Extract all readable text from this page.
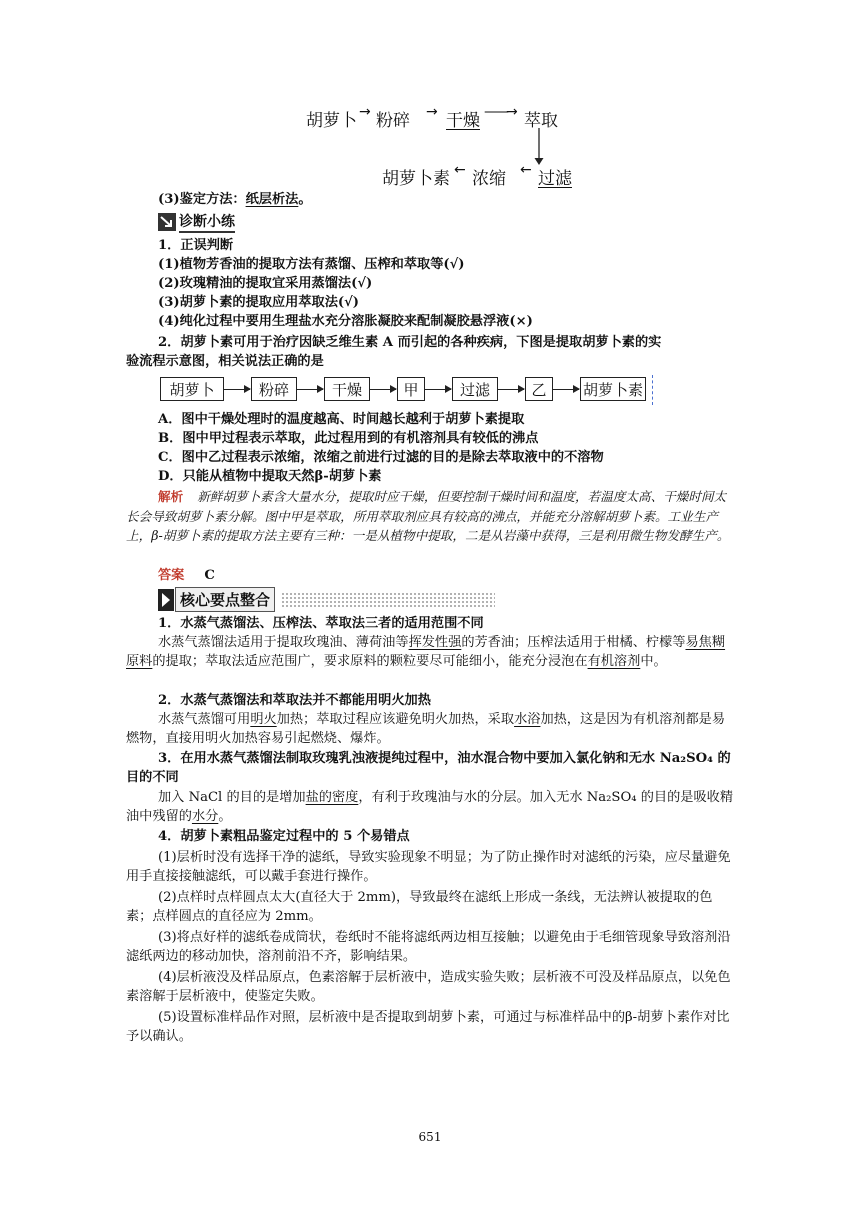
胡萝卜 → 粉碎 → 干燥 ——→ 萃取
胡萝卜素 ← 浓缩 ← 过滤
(3)鉴定方法：纸层析法。
诊断小练
1．正误判断
(1)植物芳香油的提取方法有蒸馏、压榨和萃取等(√)
(2)玫瑰精油的提取宜采用蒸馏法(√)
(3)胡萝卜素的提取应用萃取法(√)
(4)纯化过程中要用生理盐水充分溶胀凝胶来配制凝胶悬浮液(×)
2．胡萝卜素可用于治疗因缺乏维生素 A 而引起的各种疾病，下图是提取胡萝卜素的实
验流程示意图，相关说法正确的是
胡萝卜	粉碎	干燥	甲	过滤	乙	胡萝卜素
A．图中干燥处理时的温度越高、时间越长越利于胡萝卜素提取
B．图中甲过程表示萃取，此过程用到的有机溶剂具有较低的沸点
C．图中乙过程表示浓缩，浓缩之前进行过滤的目的是除去萃取液中的不溶物
D．只能从植物中提取天然β-胡萝卜素
解析 新鲜胡萝卜素含大量水分，提取时应干燥，但要控制干燥时间和温度，若温度太高、干燥时间太长会导致胡萝卜素分解。图中甲是萃取，所用萃取剂应具有较高的沸点，并能充分溶解胡萝卜素。工业生产上，β-胡萝卜素的提取方法主要有三种：一是从植物中提取，二是从岩藻中获得，三是利用微生物发酵生产。
答案 C
核心要点整合
1．水蒸气蒸馏法、压榨法、萃取法三者的适用范围不同
水蒸气蒸馏法适用于提取玫瑰油、薄荷油等挥发性强的芳香油；压榨法适用于柑橘、柠檬等易焦糊原料的提取；萃取法适应范围广，要求原料的颗粒要尽可能细小，能充分浸泡在有机溶剂中。
2．水蒸气蒸馏法和萃取法并不都能用明火加热
水蒸气蒸馏可用明火加热；萃取过程应该避免明火加热，采取水浴加热，这是因为有机溶剂都是易燃物，直接用明火加热容易引起燃烧、爆炸。
3．在用水蒸气蒸馏法制取玫瑰乳浊液提纯过程中，油水混合物中要加入氯化钠和无水 Na₂SO₄ 的目的不同
加入 NaCl 的目的是增加盐的密度，有利于玫瑰油与水的分层。加入无水 Na₂SO₄ 的目的是吸收精油中残留的水分。
4．胡萝卜素粗品鉴定过程中的 5 个易错点
(1)层析时没有选择干净的滤纸，导致实验现象不明显；为了防止操作时对滤纸的污染，应尽量避免用手直接接触滤纸，可以戴手套进行操作。
(2)点样时点样圆点太大(直径大于 2mm)，导致最终在滤纸上形成一条线，无法辨认被提取的色素；点样圆点的直径应为 2mm。
(3)将点好样的滤纸卷成筒状，卷纸时不能将滤纸两边相互接触；以避免由于毛细管现象导致溶剂沿滤纸两边的移动加快，溶剂前沿不齐，影响结果。
(4)层析液没及样品原点，色素溶解于层析液中，造成实验失败；层析液不可没及样品原点，以免色素溶解于层析液中，使鉴定失败。
(5)设置标准样品作对照，层析液中是否提取到胡萝卜素，可通过与标准样品中的β-胡萝卜素作对比予以确认。
651
